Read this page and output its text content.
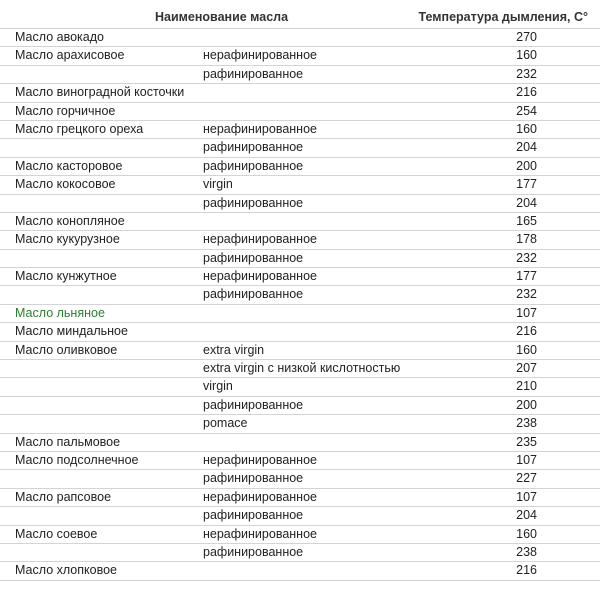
Наименование масла	Температура дымления, С°
Масло авокадо	270
Масло арахисовое	нерафинированное	160
рафинированное	232
Масло виноградной косточки	216
Масло горчичное	254
Масло грецкого ореха	нерафинированное	160
рафинированное	204
Масло касторовое	рафинированное	200
Масло кокосовое	virgin	177
рафинированное	204
Масло конопляное	165
Масло кукурузное	нерафинированное	178
рафинированное	232
Масло кунжутное	нерафинированное	177
рафинированное	232
Масло льняное	107
Масло миндальное	216
Масло оливковое	extra virgin	160
extra virgin с низкой кислотностью	207
virgin	210
рафинированное	200
pomace	238
Масло пальмовое	235
Масло подсолнечное	нерафинированное	107
рафинированное	227
Масло рапсовое	нерафинированное	107
рафинированное	204
Масло соевое	нерафинированное	160
рафинированное	238
Масло хлопковое	216
